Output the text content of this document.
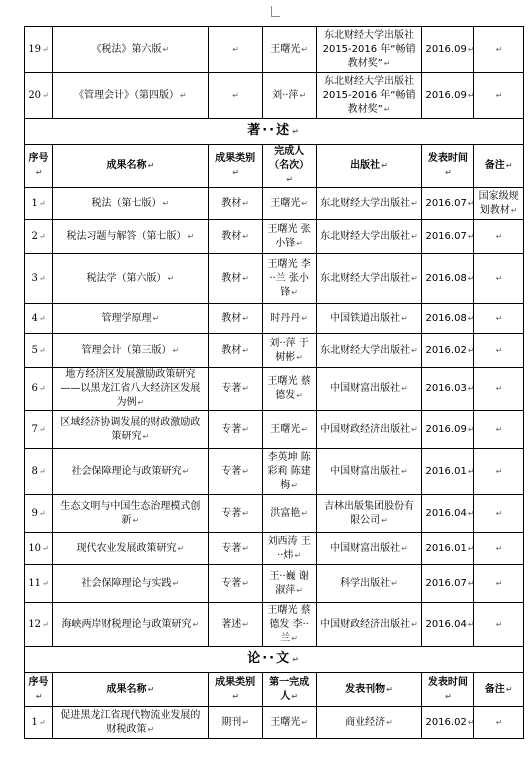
19↵	《税法》第六版↵	↵	王曙光↵	东北财经大学出版社 2015-2016 年“畅销教材奖”↵	2016.09↵	↵
20↵	《管理会计》（第四版）↵	↵	刘··萍↵	东北财经大学出版社 2015-2016 年“畅销教材奖”↵	2016.09↵	↵
著··述↵						
序号↵	成果名称↵	成果类别↵	完成人（名次）↵	出版社↵	发表时间↵	备注↵
1↵	税法（第七版）↵	教材↵	王曙光↵	东北财经大学出版社↵	2016.07↵	国家级规划教材↵
2↵	税法习题与解答（第七版）↵	教材↵	王曙光 张小锋↵	东北财经大学出版社↵	2016.07↵	↵
3↵	税法学（第六版）↵	教材↵	王曙光 李··兰 张小锋↵	东北财经大学出版社↵	2016.08↵	↵
4↵	管理学原理↵	教材↵	时丹丹↵	中国铁道出版社↵	2016.08↵	↵
5↵	管理会计（第三版）↵	教材↵	刘··萍 于树彬↵	东北财经大学出版社↵	2016.02↵	↵
6↵	地方经济区发展激励政策研究——以黑龙江省八大经济区发展为例↵	专著↵	王曙光 蔡德发↵	中国财富出版社↵	2016.03↵	↵
7↵	区域经济协调发展的财政激励政策研究↵	专著↵	王曙光↵	中国财政经济出版社↵	2016.09↵	↵
8↵	社会保障理论与政策研究↵	专著↵	李英坤 陈彩莉 陈建梅↵	中国财富出版社↵	2016.01↵	↵
9↵	生态文明与中国生态治理模式创新↵	专著↵	洪富艳↵	吉林出版集团股份有限公司↵	2016.04↵	↵
10↵	现代农业发展政策研究↵	专著↵	刘西涛 王··炜↵	中国财富出版社↵	2016.01↵	↵
11↵	社会保障理论与实践↵	专著↵	王··巍 谢淑萍↵	科学出版社↵	2016.07↵	↵
12↵	海峡两岸财税理论与政策研究↵	著述↵	王曙光 蔡德发 李··兰↵	中国财政经济出版社↵	2016.04↵	↵
论··文↵						
序号↵	成果名称↵	成果类别↵	第一完成人↵	发表刊物↵	发表时间↵	备注↵
1↵	促进黑龙江省现代物流业发展的财税政策↵	期刊↵	王曙光↵	商业经济↵	2016.02↵	↵
